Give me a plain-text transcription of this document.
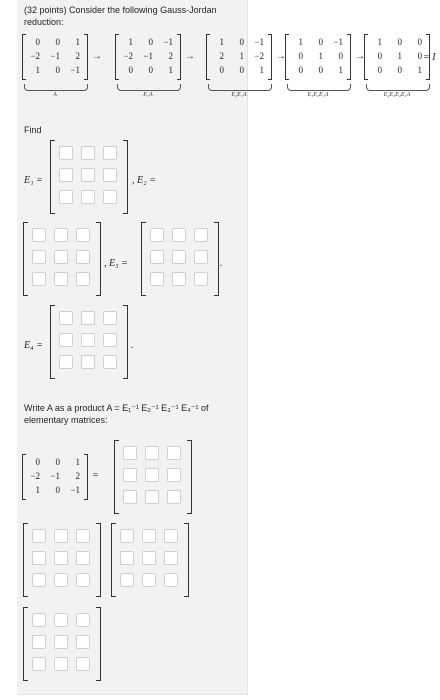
(32 points) Consider the following Gauss-Jordan reduction:
0	0	1
−2	−1	2
1	0	−1
A
→
1	0	−1
−2	−1	2
0	0	1
E₁A
→
1	0	−1
2	1	−2
0	0	1
E₂E₁A
→
1	0	−1
0	1	0
0	0	1
E₃E₂E₁A
→
1	0	0
0	1	0
0	0	1
E₄E₃E₂E₁A
= I
Find
E₁ =	, E₂ =
, E₃ =	.
E₄ =	.
Write A as a product A = E₁⁻¹ E₂⁻¹ E₃⁻¹ E₄⁻¹ of elementary matrices:
0	0	1
−2	−1	2
1	0	−1
=
